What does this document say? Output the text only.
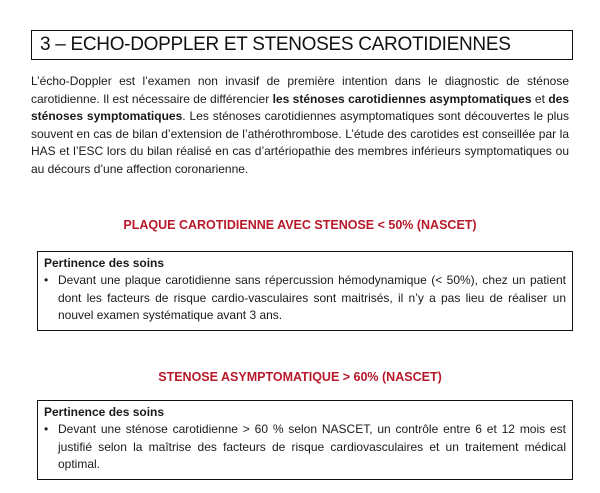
3 – ECHO-DOPPLER ET STENOSES CAROTIDIENNES

L’écho-Doppler est l’examen non invasif de première intention dans le diagnostic de sténose carotidienne. Il est nécessaire de différencier les sténoses carotidiennes asymptomatiques et des sténoses symptomatiques. Les sténoses carotidiennes asymptomatiques sont découvertes le plus souvent en cas de bilan d’extension de l’athérothrombose. L’étude des carotides est conseillée par la HAS et l’ESC lors du bilan réalisé en cas d’artériopathie des membres inférieurs symptomatiques ou au décours d’une affection coronarienne.

PLAQUE CAROTIDIENNE AVEC STENOSE < 50% (NASCET)
Pertinence des soins
• Devant une plaque carotidienne sans répercussion hémodynamique (< 50%), chez un patient dont les facteurs de risque cardio-vasculaires sont maitrisés, il n’y a pas lieu de réaliser un nouvel examen systématique avant 3 ans.
STENOSE ASYMPTOMATIQUE > 60% (NASCET)
Pertinence des soins
• Devant une sténose carotidienne > 60 % selon NASCET, un contrôle entre 6 et 12 mois est justifié selon la maîtrise des facteurs de risque cardiovasculaires et un traitement médical optimal.
